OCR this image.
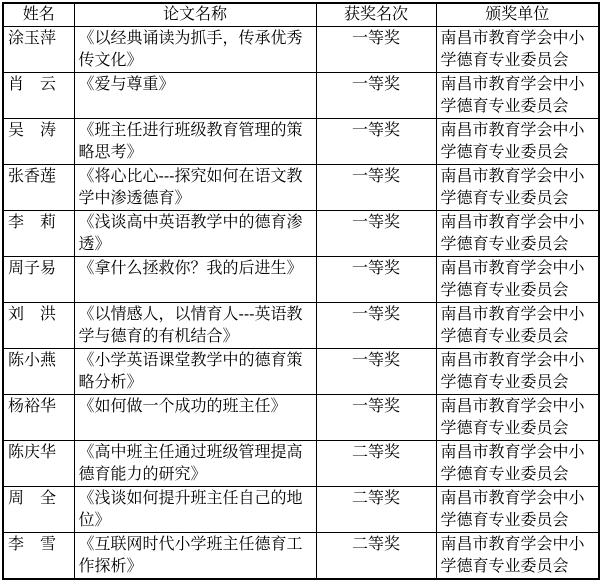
姓名	论文名称	获奖名次	颁奖单位
涂玉萍	《以经典诵读为抓手，传承优秀传文化》	一等奖	南昌市教育学会中小学德育专业委员会
肖　云	《爱与尊重》	一等奖	南昌市教育学会中小学德育专业委员会
吴　涛	《班主任进行班级教育管理的策略思考》	一等奖	南昌市教育学会中小学德育专业委员会
张香莲	《将心比心---探究如何在语文教学中渗透德育》	一等奖	南昌市教育学会中小学德育专业委员会
李　莉	《浅谈高中英语教学中的德育渗透》	一等奖	南昌市教育学会中小学德育专业委员会
周子易	《拿什么拯救你？我的后进生》	一等奖	南昌市教育学会中小学德育专业委员会
刘　洪	《以情感人，以情育人---英语教学与德育的有机结合》	一等奖	南昌市教育学会中小学德育专业委员会
陈小燕	《小学英语课堂教学中的德育策略分析》	一等奖	南昌市教育学会中小学德育专业委员会
杨裕华	《如何做一个成功的班主任》	一等奖	南昌市教育学会中小学德育专业委员会
陈庆华	《高中班主任通过班级管理提高德育能力的研究》	二等奖	南昌市教育学会中小学德育专业委员会
周　全	《浅谈如何提升班主任自己的地位》	二等奖	南昌市教育学会中小学德育专业委员会
李　雪	《互联网时代小学班主任德育工作探析》	二等奖	南昌市教育学会中小学德育专业委员会
